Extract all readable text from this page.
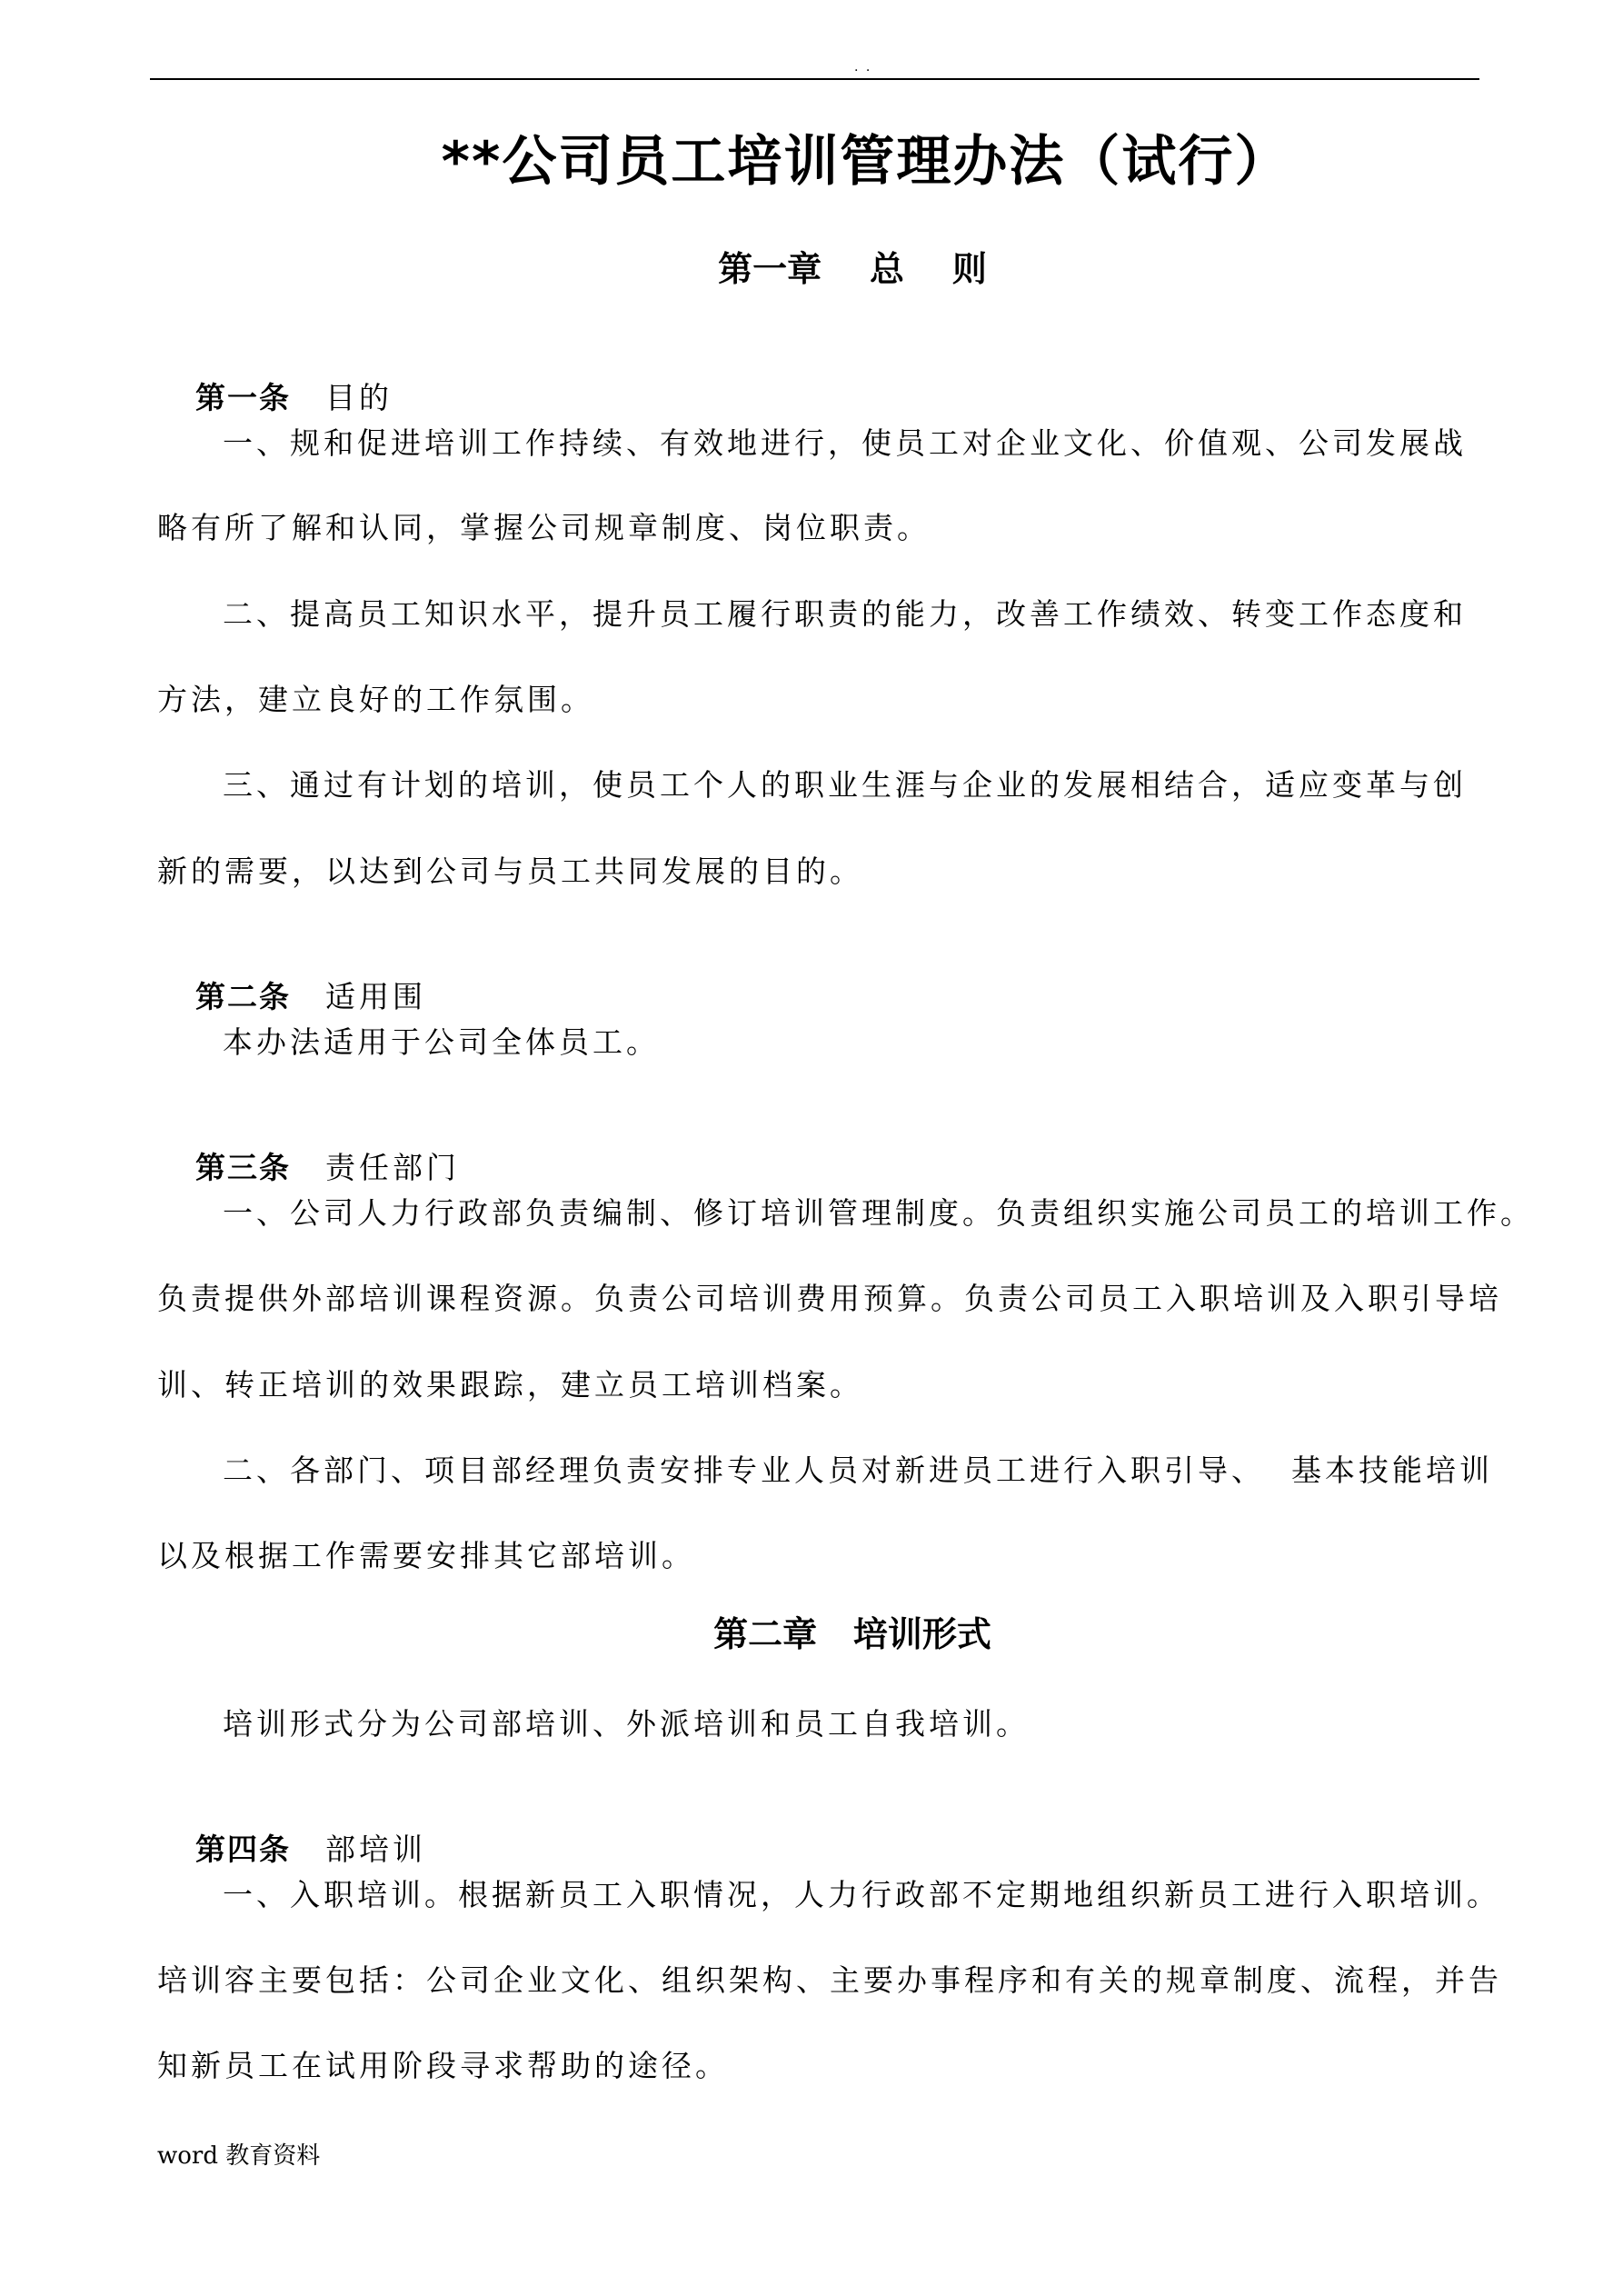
. .
**公司员工培训管理办法（试行）
第一章    总    则

第一条 目的

一、规和促进培训工作持续、有效地进行，使员工对企业文化、价值观、公司发展战
略有所了解和认同，掌握公司规章制度、岗位职责。
二、提高员工知识水平，提升员工履行职责的能力，改善工作绩效、转变工作态度和
方法，建立良好的工作氛围。
三、通过有计划的培训，使员工个人的职业生涯与企业的发展相结合，适应变革与创
新的需要，以达到公司与员工共同发展的目的。

第二条 适用围

本办法适用于公司全体员工。

第三条 责任部门

一、公司人力行政部负责编制、修订培训管理制度。负责组织实施公司员工的培训工作。
负责提供外部培训课程资源。负责公司培训费用预算。负责公司员工入职培训及入职引导培
训、转正培训的效果跟踪，建立员工培训档案。
二、各部门、项目部经理负责安排专业人员对新进员工进行入职引导、  基本技能培训
以及根据工作需要安排其它部培训。
第二章   培训形式
培训形式分为公司部培训、外派培训和员工自我培训。

第四条 部培训

一、入职培训。根据新员工入职情况，人力行政部不定期地组织新员工进行入职培训。
培训容主要包括：公司企业文化、组织架构、主要办事程序和有关的规章制度、流程，并告
知新员工在试用阶段寻求帮助的途径。
word 教育资料
